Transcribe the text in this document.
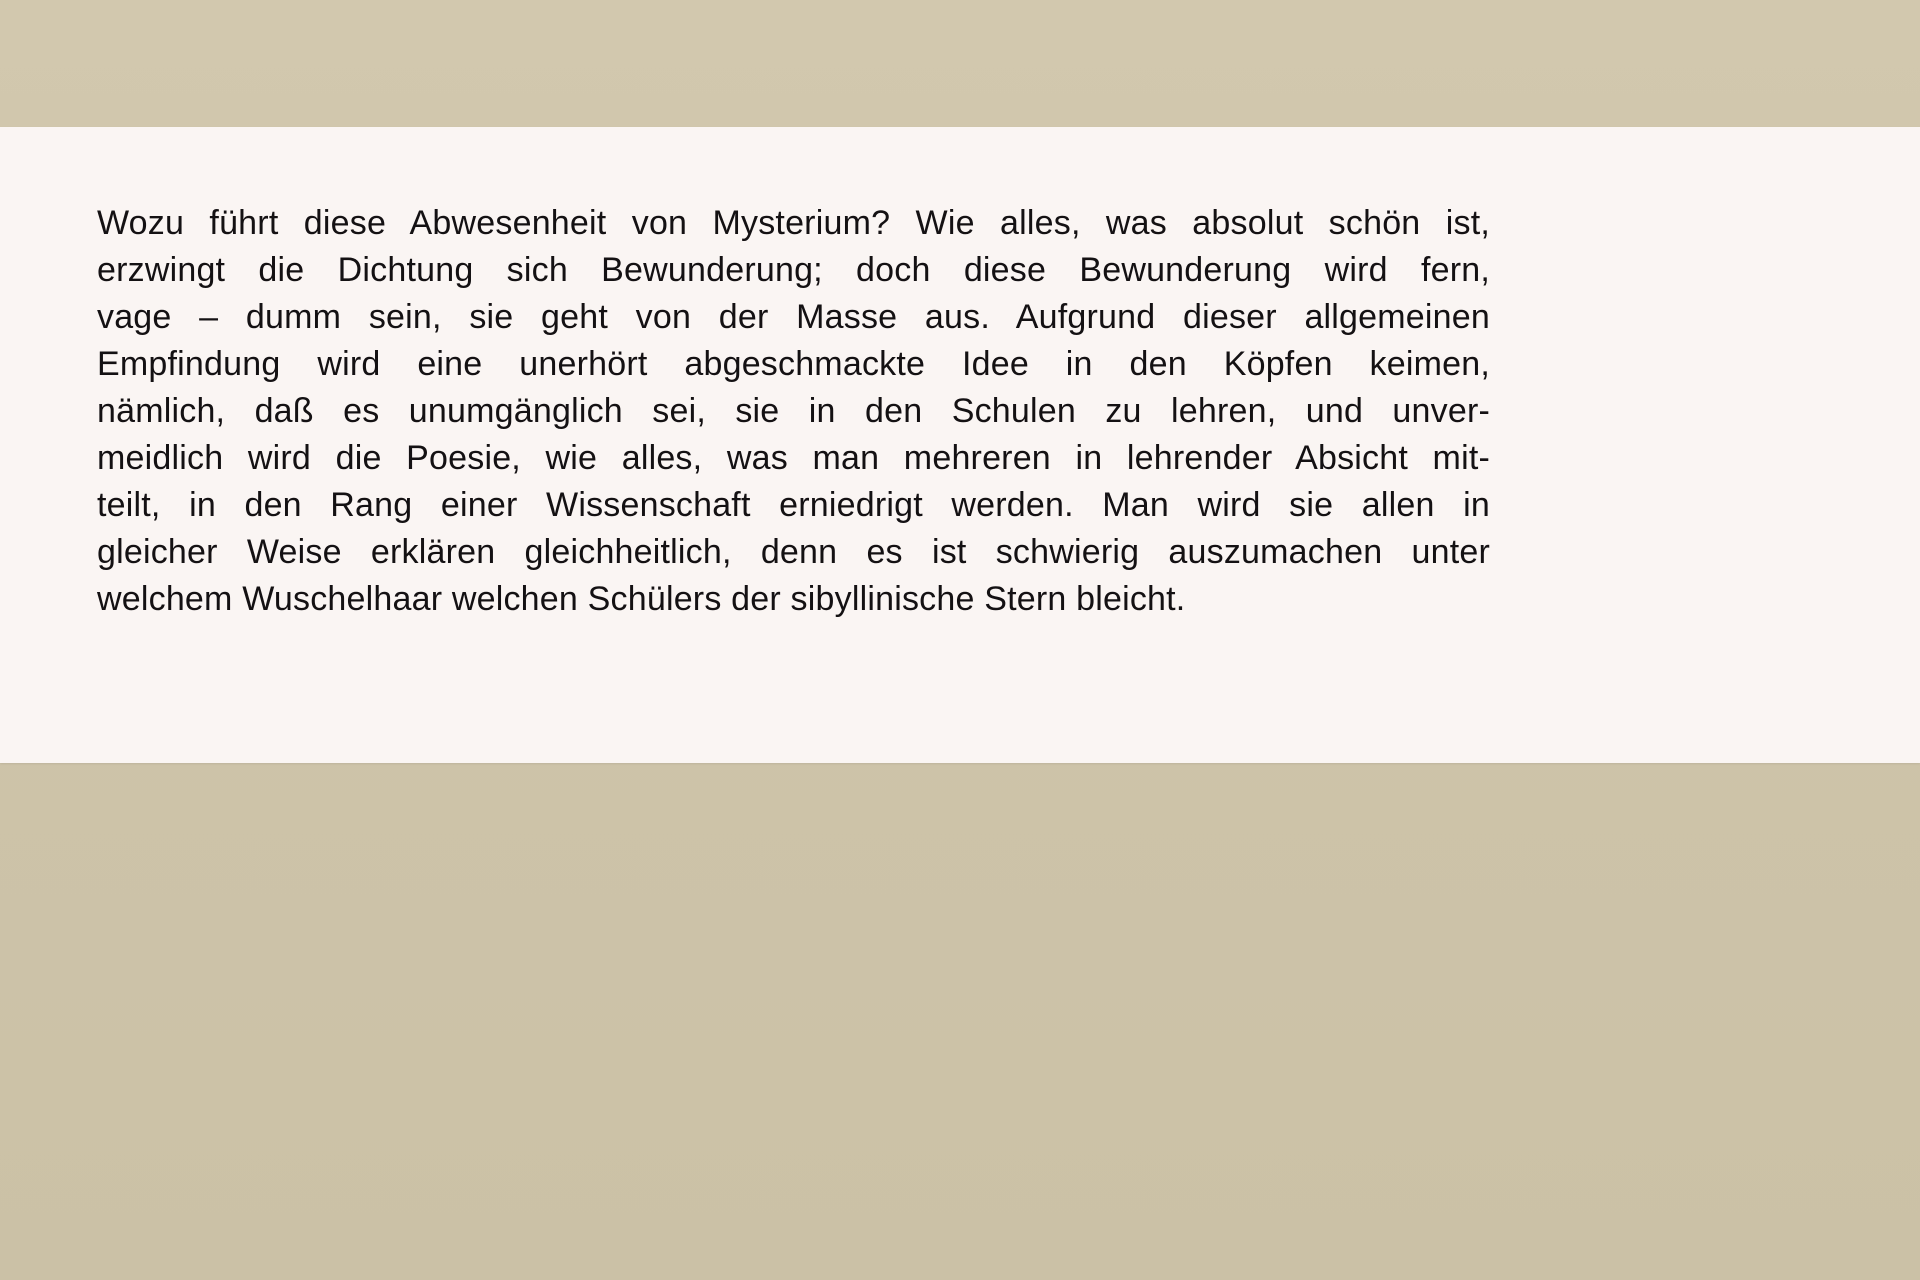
Wozu führt diese Abwesenheit von Mysterium? Wie alles, was absolut schön ist,
erzwingt die Dichtung sich Bewunderung; doch diese Bewunderung wird fern,
vage – dumm sein, sie geht von der Masse aus. Aufgrund dieser allgemeinen
Empfindung wird eine unerhört abgeschmackte Idee in den Köpfen keimen,
nämlich, daß es unumgänglich sei, sie in den Schulen zu lehren, und unver-
meidlich wird die Poesie, wie alles, was man mehreren in lehrender Absicht mit-
teilt, in den Rang einer Wissenschaft erniedrigt werden. Man wird sie allen in
gleicher Weise erklären gleichheitlich, denn es ist schwierig auszumachen unter
welchem Wuschelhaar welchen Schülers der sibyllinische Stern bleicht.
